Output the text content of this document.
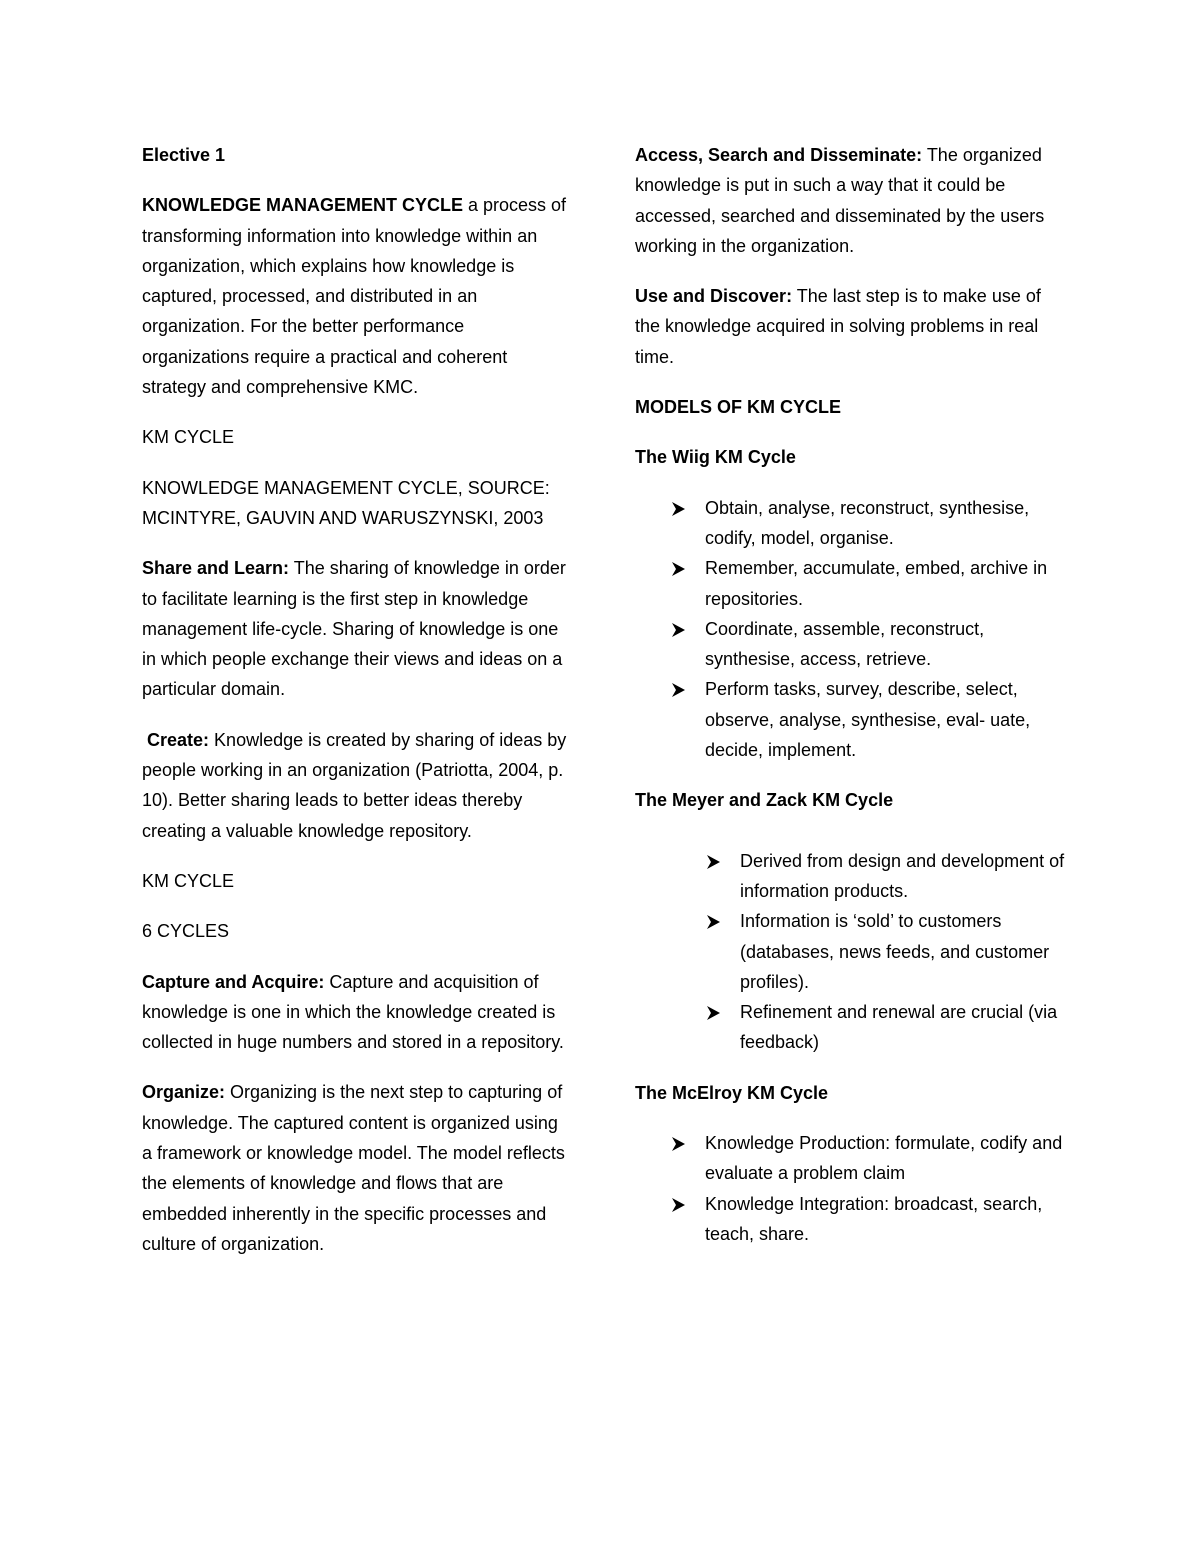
Elective 1

KNOWLEDGE MANAGEMENT CYCLE a process of transforming information into knowledge within an organization, which explains how knowledge is captured, processed, and distributed in an organization. For the better performance organizations require a practical and coherent strategy and comprehensive KMC.

KM CYCLE

KNOWLEDGE MANAGEMENT CYCLE, SOURCE: MCINTYRE, GAUVIN AND WARUSZYNSKI, 2003

Share and Learn: The sharing of knowledge in order to facilitate learning is the first step in knowledge management life-cycle. Sharing of knowledge is one in which people exchange their views and ideas on a particular domain.

Create: Knowledge is created by sharing of ideas by people working in an organization (Patriotta, 2004, p. 10). Better sharing leads to better ideas thereby creating a valuable knowledge repository.

KM CYCLE

6 CYCLES

Capture and Acquire: Capture and acquisition of knowledge is one in which the knowledge created is collected in huge numbers and stored in a repository.

Organize: Organizing is the next step to capturing of knowledge. The captured content is organized using a framework or knowledge model. The model reflects the elements of knowledge and flows that are embedded inherently in the specific processes and culture of organization.

Access, Search and Disseminate: The organized knowledge is put in such a way that it could be accessed, searched and disseminated by the users working in the organization.

Use and Discover: The last step is to make use of the knowledge acquired in solving problems in real time.

MODELS OF KM CYCLE

The Wiig KM Cycle

Obtain, analyse, reconstruct, synthesise, codify, model, organise.
Remember, accumulate, embed, archive in repositories.
Coordinate, assemble, reconstruct, synthesise, access, retrieve.
Perform tasks, survey, describe, select, observe, analyse, synthesise, eval- uate, decide, implement.

The Meyer and Zack KM Cycle

Derived from design and development of information products.
Information is ‘sold’ to customers (databases, news feeds, and customer profiles).
Refinement and renewal are crucial (via feedback)

The McElroy KM Cycle

Knowledge Production: formulate, codify and evaluate a problem claim
Knowledge Integration: broadcast, search, teach, share.
